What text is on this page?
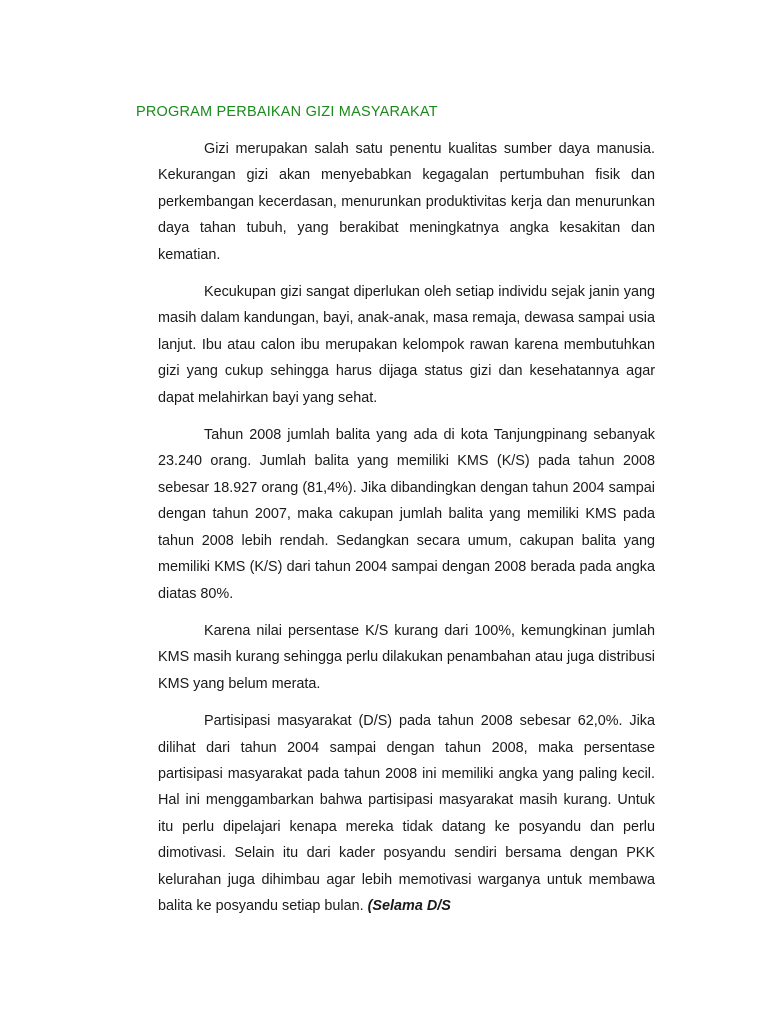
PROGRAM PERBAIKAN GIZI MASYARAKAT

Gizi merupakan salah satu penentu kualitas sumber daya manusia. Kekurangan gizi akan menyebabkan kegagalan pertumbuhan fisik dan perkembangan kecerdasan, menurunkan produktivitas kerja dan menurunkan daya tahan tubuh, yang berakibat meningkatnya angka kesakitan dan kematian.

Kecukupan gizi sangat diperlukan oleh setiap individu sejak janin yang masih dalam kandungan, bayi, anak-anak, masa remaja, dewasa sampai usia lanjut. Ibu atau calon ibu merupakan kelompok rawan karena membutuhkan gizi yang cukup sehingga harus dijaga status gizi dan kesehatannya agar dapat melahirkan bayi yang sehat.

Tahun 2008 jumlah balita yang ada di kota Tanjungpinang sebanyak 23.240 orang. Jumlah balita yang memiliki KMS (K/S) pada tahun 2008 sebesar 18.927 orang (81,4%). Jika dibandingkan dengan tahun 2004 sampai dengan tahun 2007, maka cakupan jumlah balita yang memiliki KMS pada tahun 2008 lebih rendah. Sedangkan secara umum, cakupan balita yang memiliki KMS (K/S) dari tahun 2004 sampai dengan 2008 berada pada angka diatas 80%.

Karena nilai persentase K/S kurang dari 100%, kemungkinan jumlah KMS masih kurang sehingga perlu dilakukan penambahan atau juga distribusi KMS yang belum merata.

Partisipasi masyarakat (D/S) pada tahun 2008 sebesar 62,0%. Jika dilihat dari tahun 2004 sampai dengan tahun 2008, maka persentase partisipasi masyarakat pada tahun 2008 ini memiliki angka yang paling kecil. Hal ini menggambarkan bahwa partisipasi masyarakat masih kurang. Untuk itu perlu dipelajari kenapa mereka tidak datang ke posyandu dan perlu dimotivasi. Selain itu dari kader posyandu sendiri bersama dengan PKK kelurahan juga dihimbau agar lebih memotivasi warganya untuk membawa balita ke posyandu setiap bulan. (Selama D/S
